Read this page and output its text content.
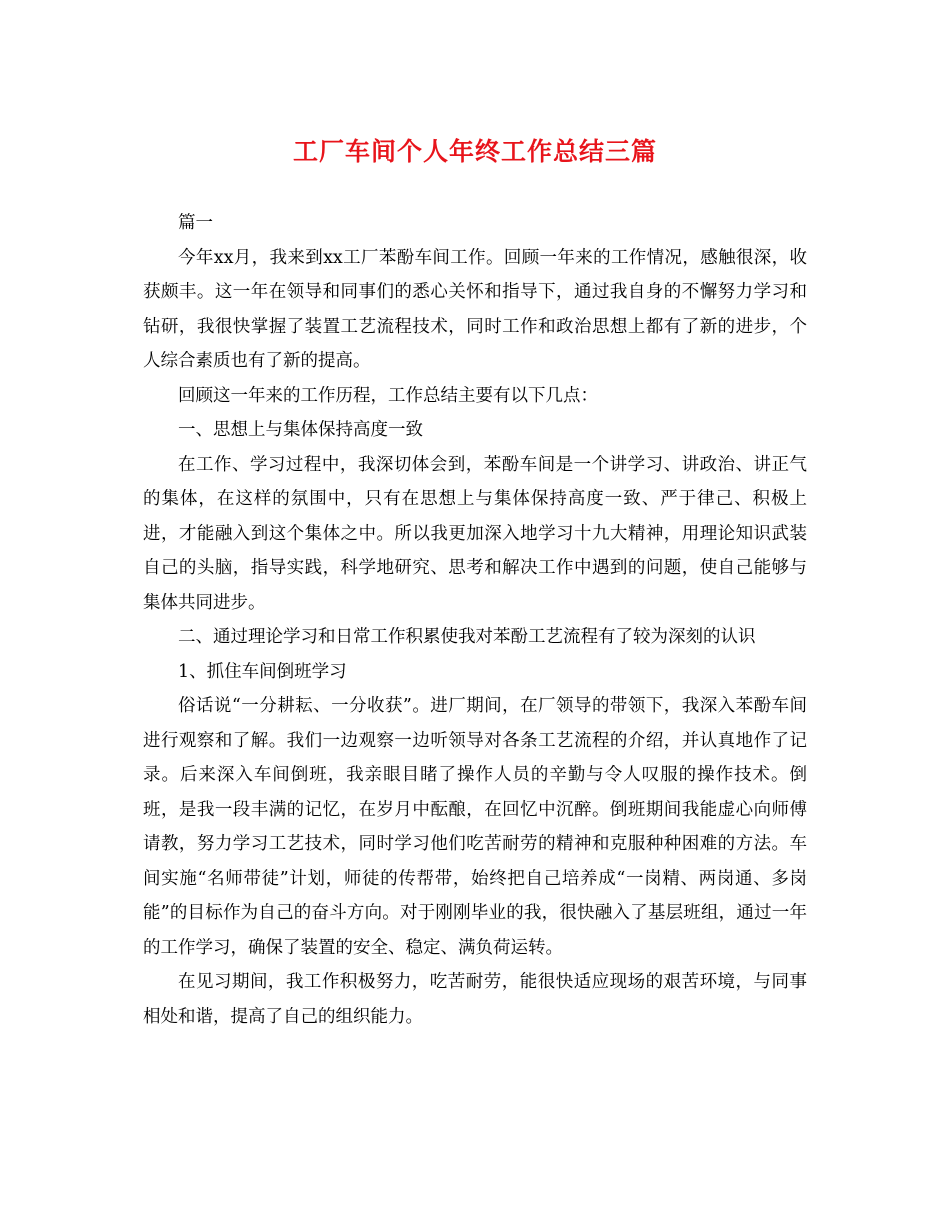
工厂车间个人年终工作总结三篇

篇一

今年xx月，我来到xx工厂苯酚车间工作。回顾一年来的工作情况，感触很深，收获颇丰。这一年在领导和同事们的悉心关怀和指导下，通过我自身的不懈努力学习和钻研，我很快掌握了装置工艺流程技术，同时工作和政治思想上都有了新的进步，个人综合素质也有了新的提高。

回顾这一年来的工作历程，工作总结主要有以下几点：

一、思想上与集体保持高度一致

在工作、学习过程中，我深切体会到，苯酚车间是一个讲学习、讲政治、讲正气的集体，在这样的氛围中，只有在思想上与集体保持高度一致、严于律己、积极上进，才能融入到这个集体之中。所以我更加深入地学习十九大精神，用理论知识武装自己的头脑，指导实践，科学地研究、思考和解决工作中遇到的问题，使自己能够与集体共同进步。

二、通过理论学习和日常工作积累使我对苯酚工艺流程有了较为深刻的认识

1、抓住车间倒班学习

俗话说“一分耕耘、一分收获”。进厂期间，在厂领导的带领下，我深入苯酚车间进行观察和了解。我们一边观察一边听领导对各条工艺流程的介绍，并认真地作了记录。后来深入车间倒班，我亲眼目睹了操作人员的辛勤与令人叹服的操作技术。倒班，是我一段丰满的记忆，在岁月中酝酿，在回忆中沉醉。倒班期间我能虚心向师傅请教，努力学习工艺技术，同时学习他们吃苦耐劳的精神和克服种种困难的方法。车间实施“名师带徒”计划，师徒的传帮带，始终把自己培养成“一岗精、两岗通、多岗能”的目标作为自己的奋斗方向。对于刚刚毕业的我，很快融入了基层班组，通过一年的工作学习，确保了装置的安全、稳定、满负荷运转。

在见习期间，我工作积极努力，吃苦耐劳，能很快适应现场的艰苦环境，与同事相处和谐，提高了自己的组织能力。
